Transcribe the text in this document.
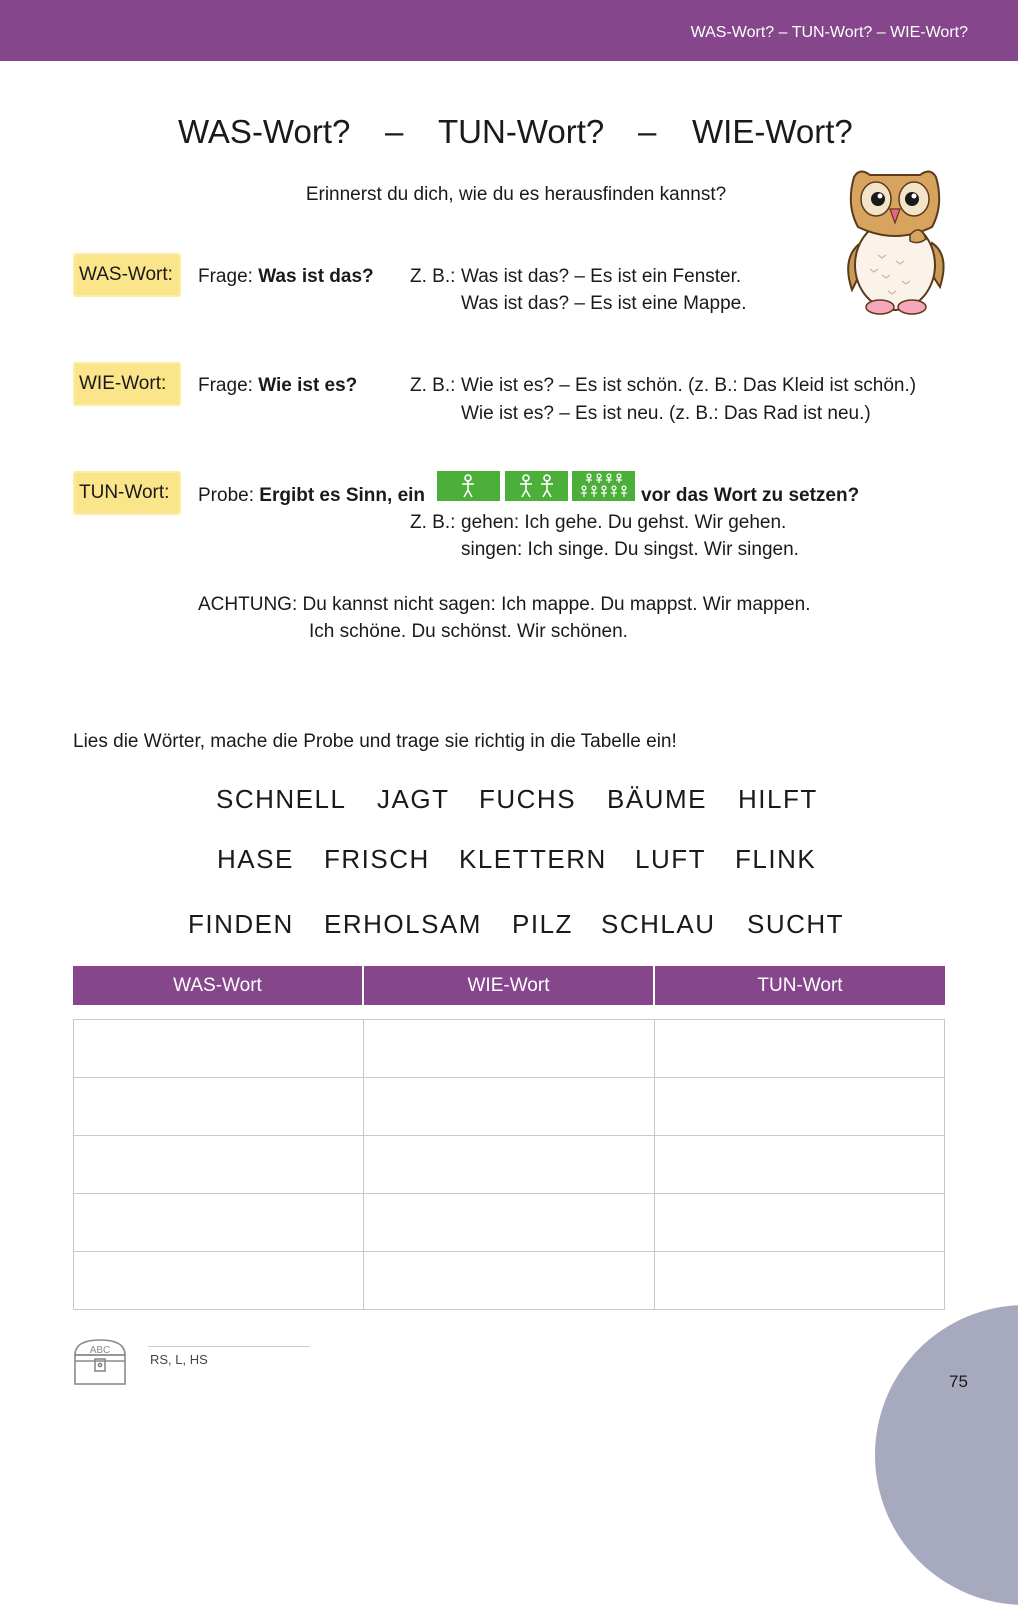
WAS-Wort? – TUN-Wort? – WIE-Wort?
WAS-Wort? – TUN-Wort? – WIE-Wort?
Erinnerst du dich, wie du es herausfinden kannst?
WAS-Wort:	Frage: Was ist das? Z. B.: Was ist das? – Es ist ein Fenster.
Was ist das? – Es ist eine Mappe.
WIE-Wort:	Frage: Wie ist es?	Z. B.: Wie ist es? – Es ist schön. (z. B.: Das Kleid ist schön.)
Wie ist es? – Es ist neu. (z. B.: Das Rad ist neu.)
TUN-Wort:	Probe: Ergibt es Sinn, ein	vor das Wort zu setzen?
Z. B.: gehen: Ich gehe. Du gehst. Wir gehen.
singen: Ich singe. Du singst. Wir singen.
ACHTUNG: Du kannst nicht sagen: Ich mappe. Du mappst. Wir mappen.
Ich schöne. Du schönst. Wir schönen.
Lies die Wörter, mache die Probe und trage sie richtig in die Tabelle ein!
SCHNELL JAGT FUCHS BÄUME HILFT
HASE FRISCH KLETTERN LUFT FLINK
FINDEN ERHOLSAM PILZ SCHLAU SUCHT
WAS-Wort	WIE-Wort	TUN-Wort
ABC
RS, L, HS
75
